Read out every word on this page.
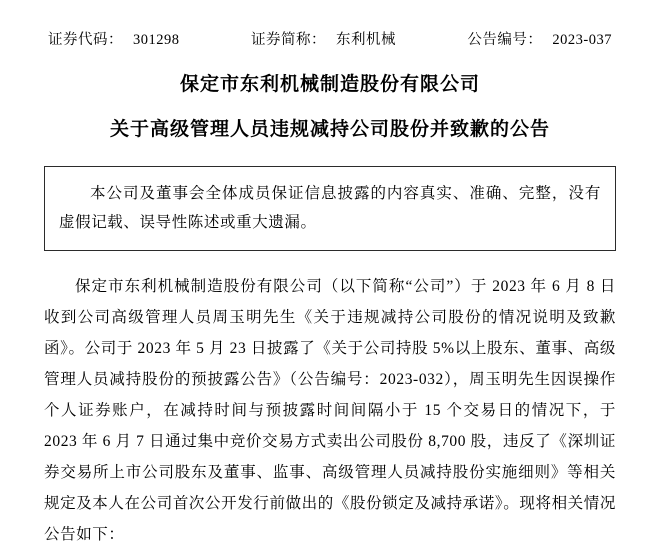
证券代码： 301298	证券简称： 东利机械	公告编号： 2023-037
保定市东利机械制造股份有限公司
关于高级管理人员违规减持公司股份并致歉的公告

本公司及董事会全体成员保证信息披露的内容真实、准确、完整，没有虚假记载、误导性陈述或重大遗漏。

保定市东利机械制造股份有限公司（以下简称“公司”）于 2023 年 6 月 8 日收到公司高级管理人员周玉明先生《关于违规减持公司股份的情况说明及致歉函》。公司于 2023 年 5 月 23 日披露了《关于公司持股 5%以上股东、董事、高级管理人员减持股份的预披露公告》（公告编号：2023-032），周玉明先生因误操作个人证券账户，在减持时间与预披露时间间隔小于 15 个交易日的情况下，于 2023 年 6 月 7 日通过集中竞价交易方式卖出公司股份 8,700 股，违反了《深圳证券交易所上市公司股东及董事、监事、高级管理人员减持股份实施细则》等相关规定及本人在公司首次公开发行前做出的《股份锁定及减持承诺》。现将相关情况公告如下：
